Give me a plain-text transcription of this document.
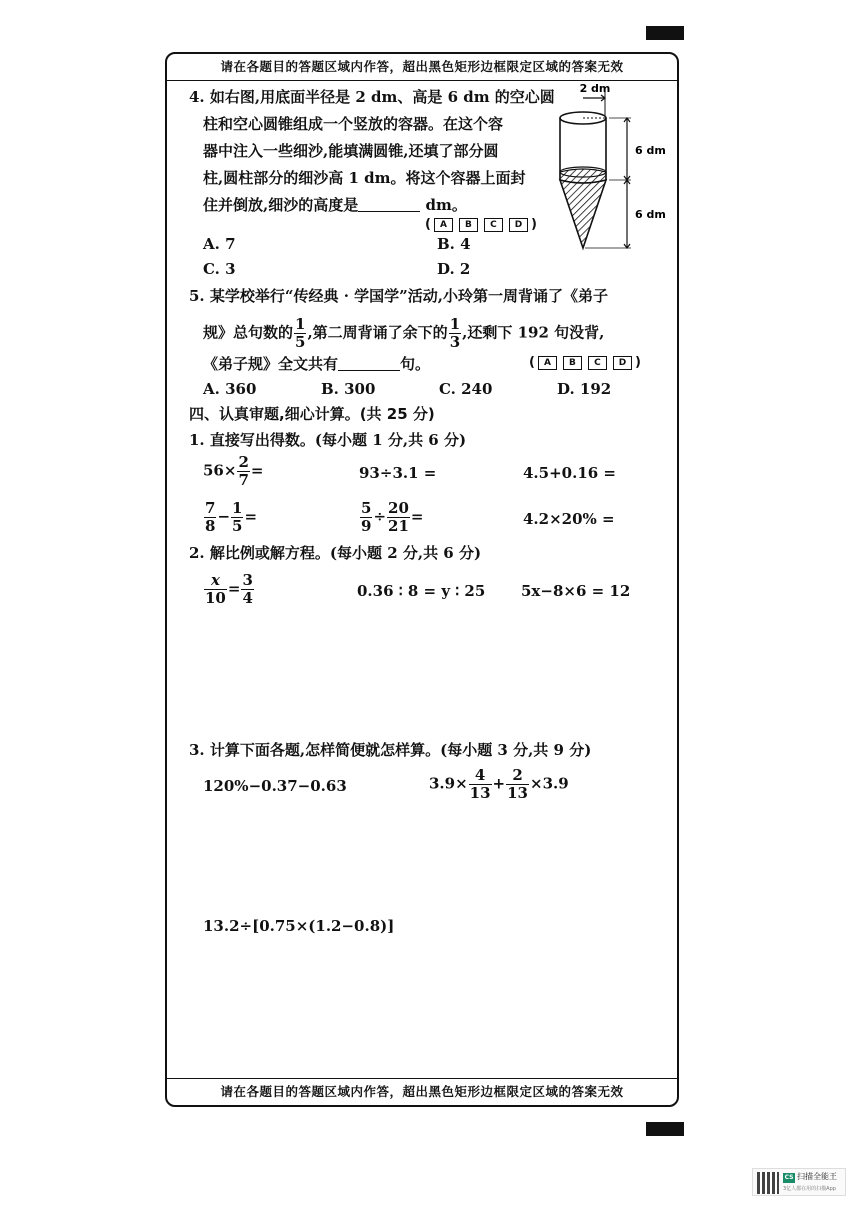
请在各题目的答题区域内作答，超出黑色矩形边框限定区域的答案无效
4. 如右图,用底面半径是 2 dm、高是 6 dm 的空心圆
柱和空心圆锥组成一个竖放的容器。在这个容
器中注入一些细沙,能填满圆锥,还填了部分圆
柱,圆柱部分的细沙高 1 dm。将这个容器上面封
住并倒放,细沙的高度是	dm。
( A B C D )
A. 7	B. 4
C. 3	D. 2
2 dm
6 dm
6 dm
5. 某学校举行“传经典 · 学国学”活动,小玲第一周背诵了《弟子
规》总句数的 $\frac{1}{5}$ ,第二周背诵了余下的 $\frac{1}{3}$ ,还剩下 192 句没背,
《弟子规》全文共有	句。	( A B C D )
A. 360	B. 300	C. 240	D. 192
四、认真审题,细心计算。(共 25 分)
1. 直接写出得数。(每小题 1 分,共 6 分)
$56\times \frac{2}{7}$ =	93÷3.1 =	4.5+0.16 =
$\frac{7}{8} - \frac{1}{5}$ =	$\frac{5}{9} \div \frac{20}{21}$ =	4.2×20% =
2. 解比例或解方程。(每小题 2 分,共 6 分)
$\frac{x}{10} = \frac{3}{4}$	0.36 ∶ 8 = y ∶ 25 5x−8×6 = 12
3. 计算下面各题,怎样简便就怎样算。(每小题 3 分,共 9 分)
120%−0.37−0.63	$3.9\times \frac{4}{13} + \frac{2}{13} \times 3.9$
13.2÷[0.75×(1.2−0.8)]
请在各题目的答题区域内作答，超出黑色矩形边框限定区域的答案无效
CS 扫描全能王
3亿人都在用的扫描App
